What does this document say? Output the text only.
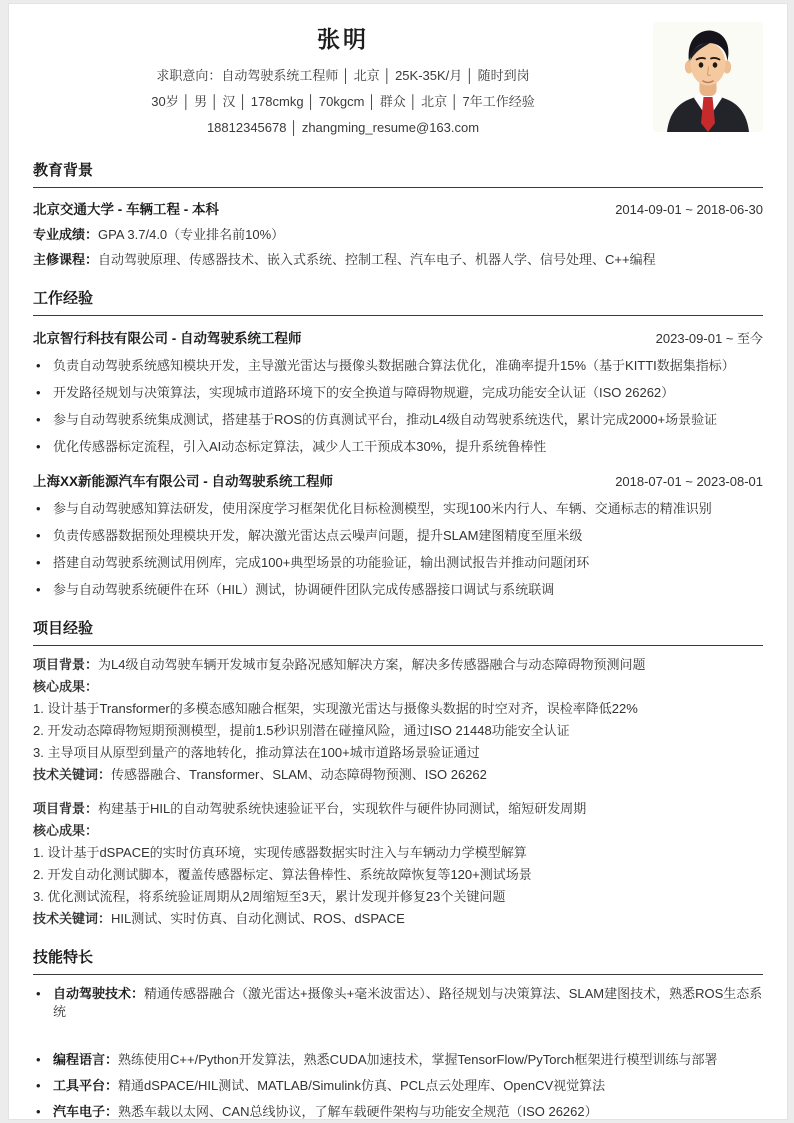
张明
求职意向：自动驾驶系统工程师 │ 北京 │ 25K-35K/月 │ 随时到岗
30岁 │ 男 │ 汉 │ 178cmkg │ 70kgcm │ 群众 │ 北京 │ 7年工作经验
18812345678 │ zhangming_resume@163.com
教育背景
北京交通大学 - 车辆工程 - 本科	2014-09-01 ~ 2018-06-30
专业成绩：GPA 3.7/4.0（专业排名前10%）
主修课程：自动驾驶原理、传感器技术、嵌入式系统、控制工程、汽车电子、机器人学、信号处理、C++编程
工作经验
北京智行科技有限公司 - 自动驾驶系统工程师	2023-09-01 ~ 至今
• 负责自动驾驶系统感知模块开发，主导激光雷达与摄像头数据融合算法优化，准确率提升15%（基于KITTI数据集指标）
• 开发路径规划与决策算法，实现城市道路环境下的安全换道与障碍物规避，完成功能安全认证（ISO 26262）
• 参与自动驾驶系统集成测试，搭建基于ROS的仿真测试平台，推动L4级自动驾驶系统迭代，累计完成2000+场景验证
• 优化传感器标定流程，引入AI动态标定算法，减少人工干预成本30%，提升系统鲁棒性
上海XX新能源汽车有限公司 - 自动驾驶系统工程师	2018-07-01 ~ 2023-08-01
• 参与自动驾驶感知算法研发，使用深度学习框架优化目标检测模型，实现100米内行人、车辆、交通标志的精准识别
• 负责传感器数据预处理模块开发，解决激光雷达点云噪声问题，提升SLAM建图精度至厘米级
• 搭建自动驾驶系统测试用例库，完成100+典型场景的功能验证，输出测试报告并推动问题闭环
• 参与自动驾驶系统硬件在环（HIL）测试，协调硬件团队完成传感器接口调试与系统联调
项目经验
项目背景：为L4级自动驾驶车辆开发城市复杂路况感知解决方案，解决多传感器融合与动态障碍物预测问题
核心成果：
1. 设计基于Transformer的多模态感知融合框架，实现激光雷达与摄像头数据的时空对齐，误检率降低22%
2. 开发动态障碍物短期预测模型，提前1.5秒识别潜在碰撞风险，通过ISO 21448功能安全认证
3. 主导项目从原型到量产的落地转化，推动算法在100+城市道路场景验证通过
技术关键词：传感器融合、Transformer、SLAM、动态障碍物预测、ISO 26262
项目背景：构建基于HIL的自动驾驶系统快速验证平台，实现软件与硬件协同测试，缩短研发周期
核心成果：
1. 设计基于dSPACE的实时仿真环境，实现传感器数据实时注入与车辆动力学模型解算
2. 开发自动化测试脚本，覆盖传感器标定、算法鲁棒性、系统故障恢复等120+测试场景
3. 优化测试流程，将系统验证周期从2周缩短至3天，累计发现并修复23个关键问题
技术关键词：HIL测试、实时仿真、自动化测试、ROS、dSPACE
技能特长
• 自动驾驶技术：精通传感器融合（激光雷达+摄像头+毫米波雷达）、路径规划与决策算法、SLAM建图技术，熟悉ROS生态系统
• 编程语言：熟练使用C++/Python开发算法，熟悉CUDA加速技术，掌握TensorFlow/PyTorch框架进行模型训练与部署
• 工具平台：精通dSPACE/HIL测试、MATLAB/Simulink仿真、PCL点云处理库、OpenCV视觉算法
• 汽车电子：熟悉车载以太网、CAN总线协议，了解车载硬件架构与功能安全规范（ISO 26262）
